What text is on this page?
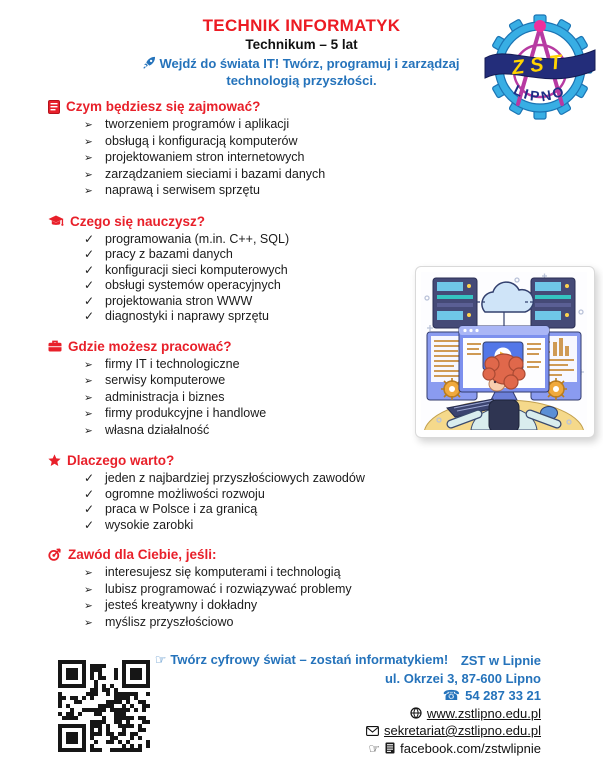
TECHNIK INFORMATYK
Technikum – 5 lat
Wejdź do świata IT! Twórz, programuj i zarządzaj technologią przyszłości.
ZST
LIPNO
Czym będziesz się zajmować?
➢ tworzeniem programów i aplikacji
➢ obsługą i konfiguracją komputerów
➢ projektowaniem stron internetowych
➢ zarządzaniem sieciami i bazami danych
➢ naprawą i serwisem sprzętu
Czego się nauczysz?
✓ programowania (m.in. C++, SQL)
✓ pracy z bazami danych
✓ konfiguracji sieci komputerowych
✓ obsługi systemów operacyjnych
✓ projektowania stron WWW
✓ diagnostyki i naprawy sprzętu
Gdzie możesz pracować?
➢ firmy IT i technologiczne
➢ serwisy komputerowe
➢ administracja i biznes
➢ firmy produkcyjne i handlowe
➢ własna działalność
Dlaczego warto?
✓ jeden z najbardziej przyszłościowych zawodów
✓ ogromne możliwości rozwoju
✓ praca w Polsce i za granicą
✓ wysokie zarobki
Zawód dla Ciebie, jeśli:
➢ interesujesz się komputerami i technologią
➢ lubisz programować i rozwiązywać problemy
➢ jesteś kreatywny i dokładny
➢ myślisz przyszłościowo
☞ Twórz cyfrowy świat – zostań informatykiem! ZST w Lipnie
ul. Okrzei 3, 87-600 Lipno
☎ 54 287 33 21
www.zstlipno.edu.pl
sekretariat@zstlipno.edu.pl
☞ facebook.com/zstwlipnie
